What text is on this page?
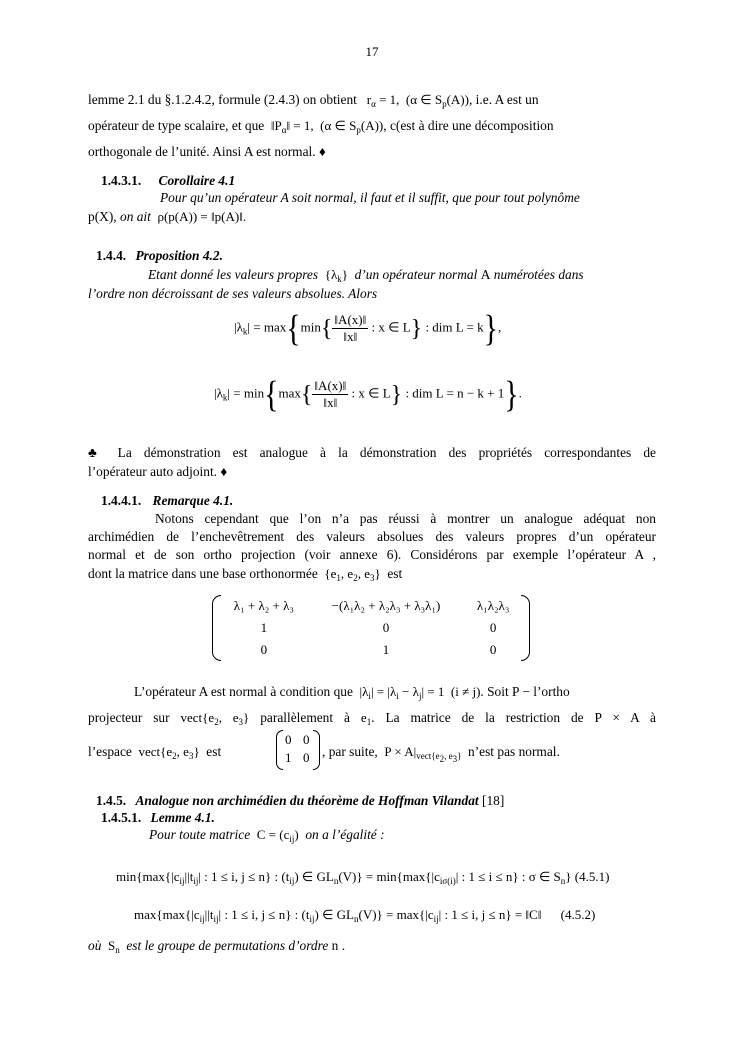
17
lemme 2.1 du §.1.2.4.2, formule (2.4.3) on obtient   $r_\alpha = 1$,  (α ∈ $S_p(A)$), i.e. A est un
opérateur de type scalaire, et que  $‖P_\alpha‖ = 1$,  (α ∈ $S_p(A)$), c(est à dire une décomposition
orthogonale de l’unité. Ainsi A est normal. ♦
1.4.3.1. Corollaire 4.1
Pour qu’un opérateur A soit normal, il faut et il suffit, que pour tout polynôme
p(X), on ait  ρ(p(A)) = ‖p(A)‖.
1.4.4. Proposition 4.2.
Etant donné les valeurs propres  $\{\lambda_k\}$  d’un opérateur normal A numérotées dans
l’ordre non décroissant de ses valeurs absolues. Alors
$|\lambda_k| = \max\{\min\{ \frac{‖A(x)‖}{‖x‖}$ : x ∈ L} : dim L = k},
$|\lambda_k| = \min\{\max\{ \frac{‖A(x)‖}{‖x‖}$ : x ∈ L} : dim L = n − k + 1}.
♣ La démonstration est analogue à la démonstration des propriétés correspondantes de
l’opérateur auto adjoint. ♦
1.4.4.1. Remarque 4.1.
Notons cependant que l’on n’a pas réussi à montrer un analogue adéquat non
archimédien de l’enchevêtrement des valeurs absolues des valeurs propres d’un opérateur
normal et de son ortho projection (voir annexe 6). Considérons par exemple l’opérateur A ,
dont la matrice dans une base orthonormée  {$e_1$, $e_2$, $e_3$}  est
λ₁ + λ₂ + λ₃	−(λ₁λ₂ + λ₂λ₃ + λ₃λ₁)	λ₁λ₂λ₃
1	0	0
0	1	0
L’opérateur A est normal à condition que  $|\lambda_i| = |\lambda_i - \lambda_j| = 1$  (i ≠ j). Soit P − l’ortho
projecteur sur $vect\{e_2$, $e_3$} parallèlement à $e_1$. La matrice de la restriction de P × A à
l’espace  $vect\{e_2$, $e_3$}  est
0 0
1 0 , par suite,  $P \times A|_{vect\{e_2, e_3\}}$ n’est pas normal.
1.4.5. Analogue non archimédien du théorème de Hoffman Vilandat [18]
1.4.5.1. Lemme 4.1.
Pour toute matrice  $C = (c_{ij})$  on a l’égalité :
$\min\{\max\{|c_{ij}||t_{ij}|$ : 1 ≤ i, j ≤ n} : $(t_{ij})$ ∈ $GL_n(V)\} = \min\{\max\{|c_{i\sigma(i)}|$ : 1 ≤ i ≤ n} : σ ∈ $S_n$} (4.5.1)
$\max\{\max\{|c_{ij}||t_{ij}|$ : 1 ≤ i, j ≤ n} : $(t_{ij})$ ∈ $GL_n(V)\} = \max\{|c_{ij}|$ : 1 ≤ i, j ≤ n} = ‖C‖ (4.5.2)
où  $S_n$ est le groupe de permutations d’ordre n .
